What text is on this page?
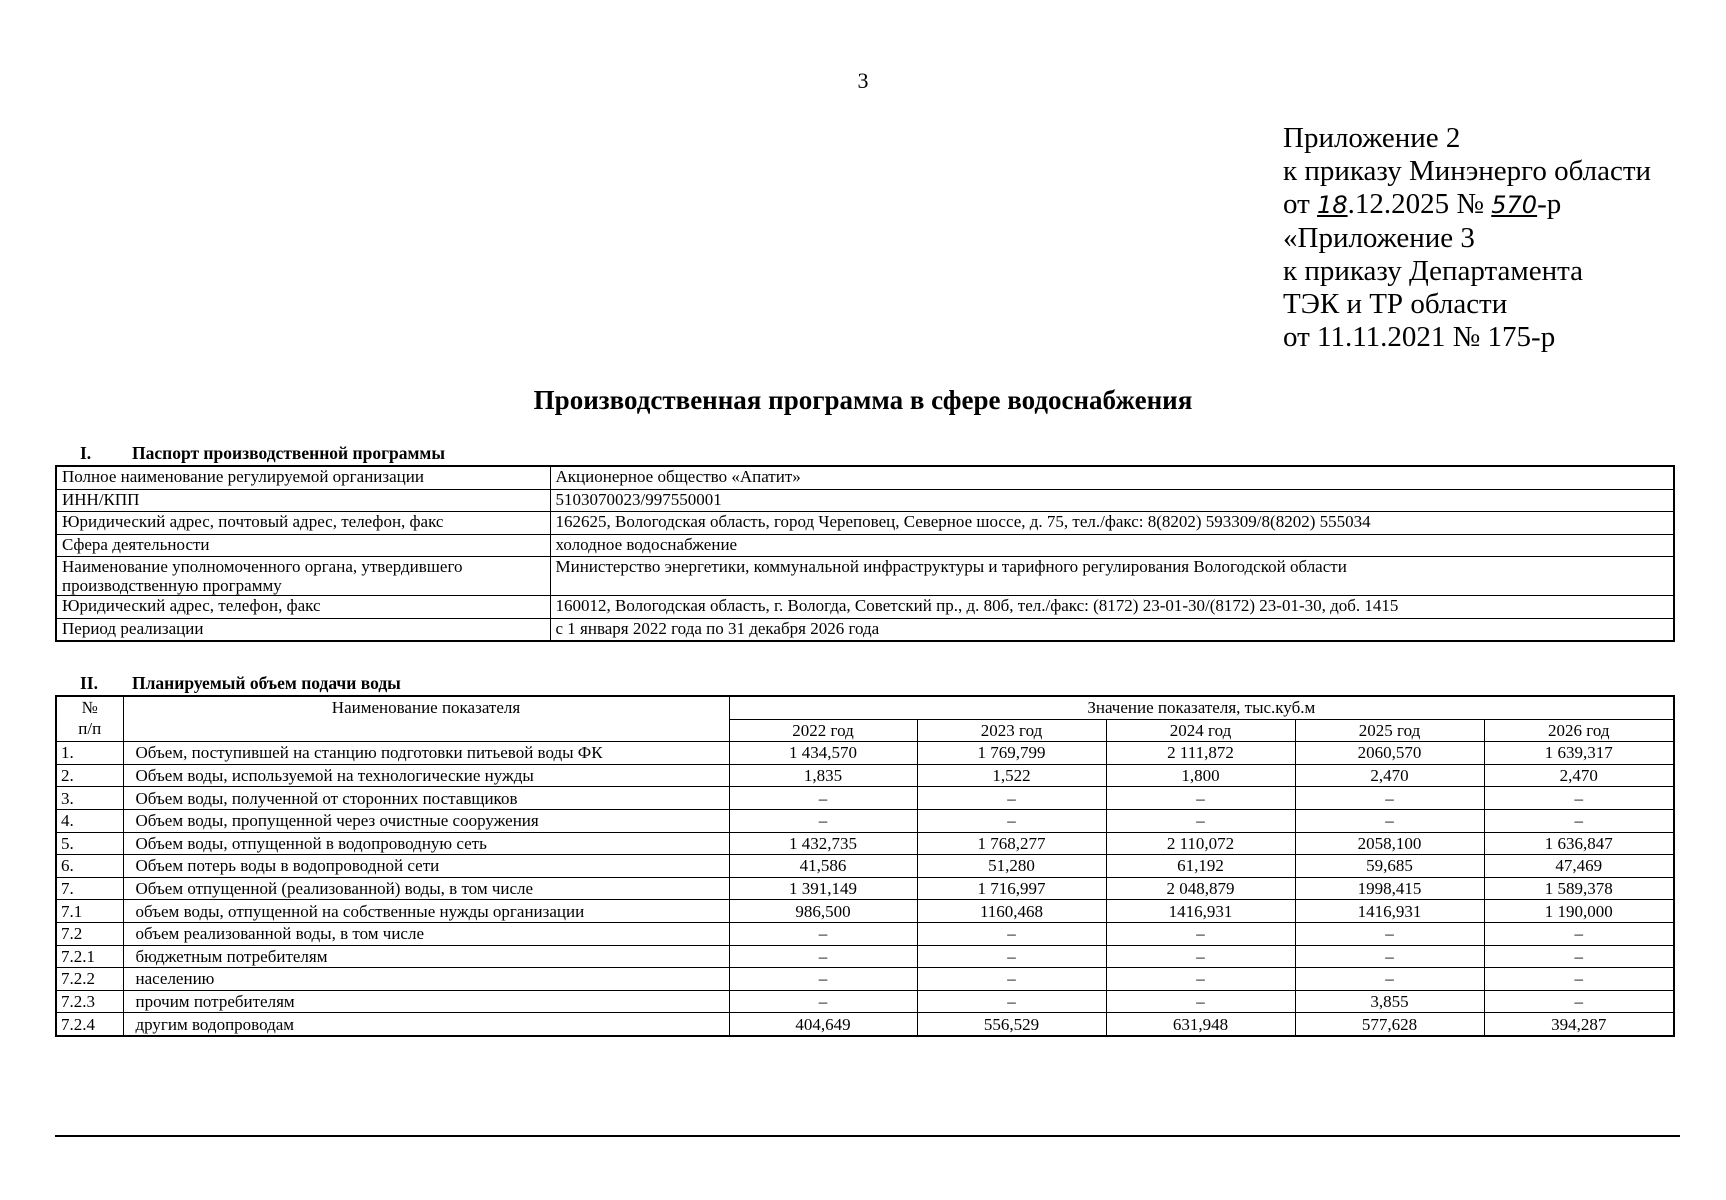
3
Приложение 2
к приказу Минэнерго области
от 18.12.2025 № 570-р
«Приложение 3
к приказу Департамента
ТЭК и ТР области
от 11.11.2021 № 175-р
Производственная программа в сфере водоснабжения
I. Паспорт производственной программы
Полное наименование регулируемой организации	Акционерное общество «Апатит»
ИНН/КПП	5103070023/997550001
Юридический адрес, почтовый адрес, телефон, факс	162625, Вологодская область, город Череповец, Северное шоссе, д. 75, тел./факс: 8(8202) 593309/8(8202) 555034
Сфера деятельности	холодное водоснабжение
Наименование уполномоченного органа, утвердившего производственную программу	Министерство энергетики, коммунальной инфраструктуры и тарифного регулирования Вологодской области
Юридический адрес, телефон, факс	160012, Вологодская область, г. Вологда, Советский пр., д. 80б, тел./факс: (8172) 23-01-30/(8172) 23-01-30, доб. 1415
Период реализации	с 1 января 2022 года по 31 декабря 2026 года
II. Планируемый объем подачи воды
№
п/п	Наименование показателя	Значение показателя, тыс.куб.м				
		2022 год	2023 год	2024 год	2025 год	2026 год
1.	Объем, поступившей на станцию подготовки питьевой воды ФК	1 434,570	1 769,799	2 111,872	2060,570	1 639,317
2.	Объем воды, используемой на технологические нужды	1,835	1,522	1,800	2,470	2,470
3.	Объем воды, полученной от сторонних поставщиков	–	–	–	–	–
4.	Объем воды, пропущенной через очистные сооружения	–	–	–	–	–
5.	Объем воды, отпущенной в водопроводную сеть	1 432,735	1 768,277	2 110,072	2058,100	1 636,847
6.	Объем потерь воды в водопроводной сети	41,586	51,280	61,192	59,685	47,469
7.	Объем отпущенной (реализованной) воды, в том числе	1 391,149	1 716,997	2 048,879	1998,415	1 589,378
7.1	объем воды, отпущенной на собственные нужды организации	986,500	1160,468	1416,931	1416,931	1 190,000
7.2	объем реализованной воды, в том числе	–	–	–	–	–
7.2.1	бюджетным потребителям	–	–	–	–	–
7.2.2	населению	–	–	–	–	–
7.2.3	прочим потребителям	–	–	–	3,855	–
7.2.4	другим водопроводам	404,649	556,529	631,948	577,628	394,287
